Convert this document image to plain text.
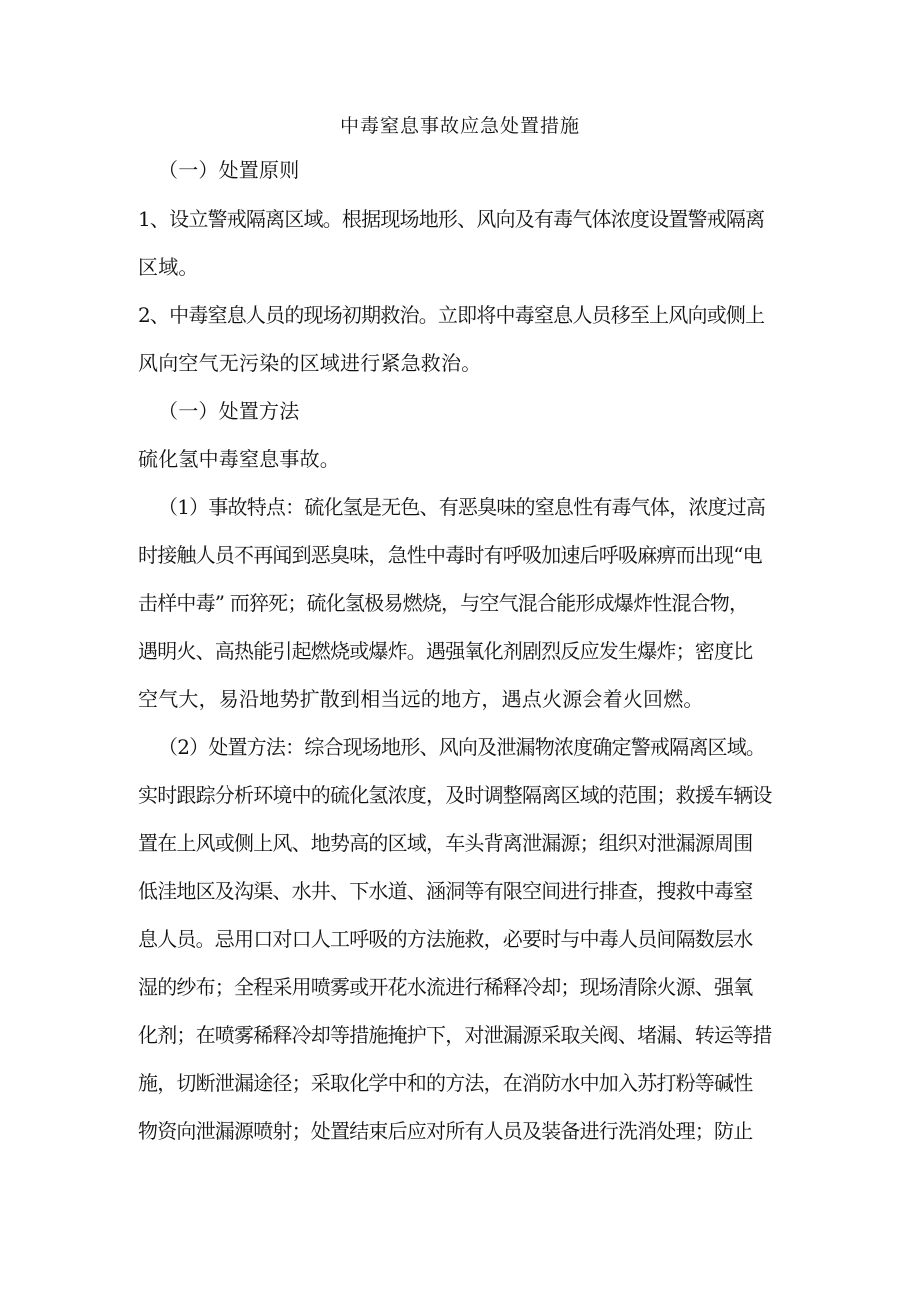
中毒窒息事故应急处置措施

（一）处置原则

1、设立警戒隔离区域。根据现场地形、风向及有毒气体浓度设置警戒隔离

区域。

2、中毒窒息人员的现场初期救治。立即将中毒窒息人员移至上风向或侧上

风向空气无污染的区域进行紧急救治。

（一）处置方法

硫化氢中毒窒息事故。

（1）事故特点：硫化氢是无色、有恶臭味的窒息性有毒气体，浓度过高

时接触人员不再闻到恶臭味，急性中毒时有呼吸加速后呼吸麻痹而出现“电

击样中毒” 而猝死；硫化氢极易燃烧，与空气混合能形成爆炸性混合物，

遇明火、高热能引起燃烧或爆炸。遇强氧化剂剧烈反应发生爆炸；密度比

空气大，易沿地势扩散到相当远的地方，遇点火源会着火回燃。

（2）处置方法：综合现场地形、风向及泄漏物浓度确定警戒隔离区域。

实时跟踪分析环境中的硫化氢浓度，及时调整隔离区域的范围；救援车辆设

置在上风或侧上风、地势高的区域，车头背离泄漏源；组织对泄漏源周围

低洼地区及沟渠、水井、下水道、涵洞等有限空间进行排查，搜救中毒窒

息人员。忌用口对口人工呼吸的方法施救，必要时与中毒人员间隔数层水

湿的纱布；全程采用喷雾或开花水流进行稀释冷却；现场清除火源、强氧

化剂；在喷雾稀释冷却等措施掩护下，对泄漏源采取关阀、堵漏、转运等措

施，切断泄漏途径；采取化学中和的方法，在消防水中加入苏打粉等碱性

物资向泄漏源喷射；处置结束后应对所有人员及装备进行洗消处理；防止
